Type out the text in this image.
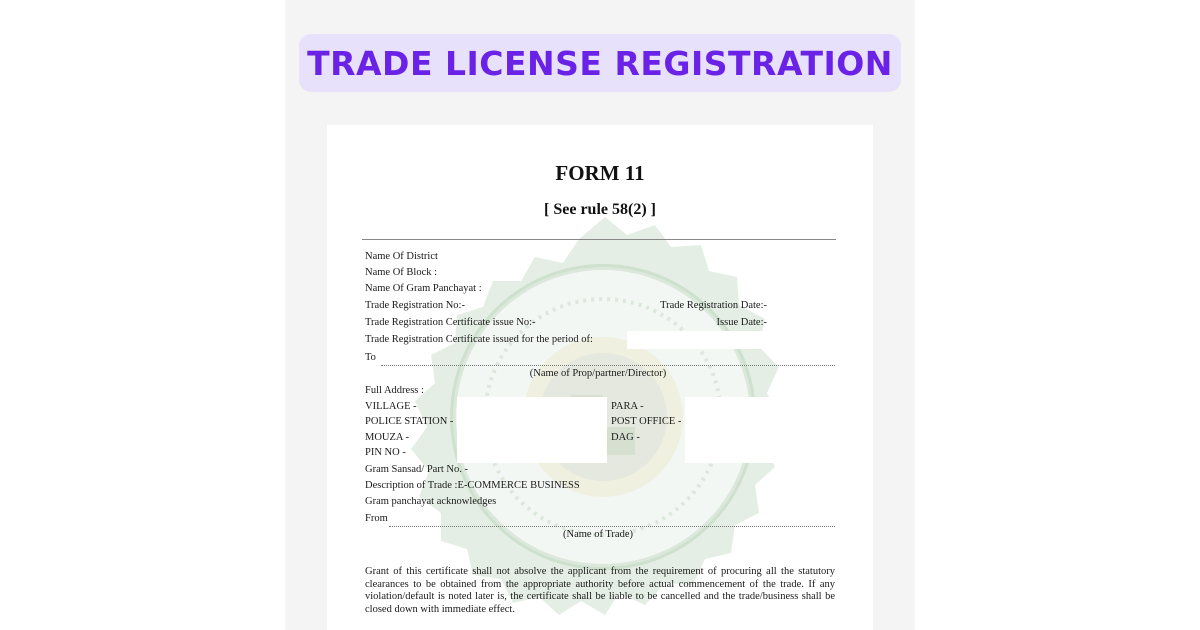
TRADE LICENSE REGISTRATION
FORM 11
[ See rule 58(2) ]
Name Of District
Name Of Block :
Name Of Gram Panchayat :
Trade Registration No:-	Trade Registration Date:-
Trade Registration Certificate issue No:-	Issue Date:-
Trade Registration Certificate issued for the period of:
To
(Name of Prop/partner/Director)
Full Address :
VILLAGE -	PARA -
POLICE STATION -	POST OFFICE -
MOUZA -	DAG -
PIN NO -
Gram Sansad/ Part No. -
Description of Trade :E-COMMERCE BUSINESS
Gram panchayat acknowledges
From
(Name of Trade)
Grant of this certificate shall not absolve the applicant from the requirement of procuring all the statutory clearances to be obtained from the appropriate authority before actual commencement of the trade. If any violation/default is noted later is, the certificate shall be liable to be cancelled and the trade/business shall be closed down with immediate effect.
